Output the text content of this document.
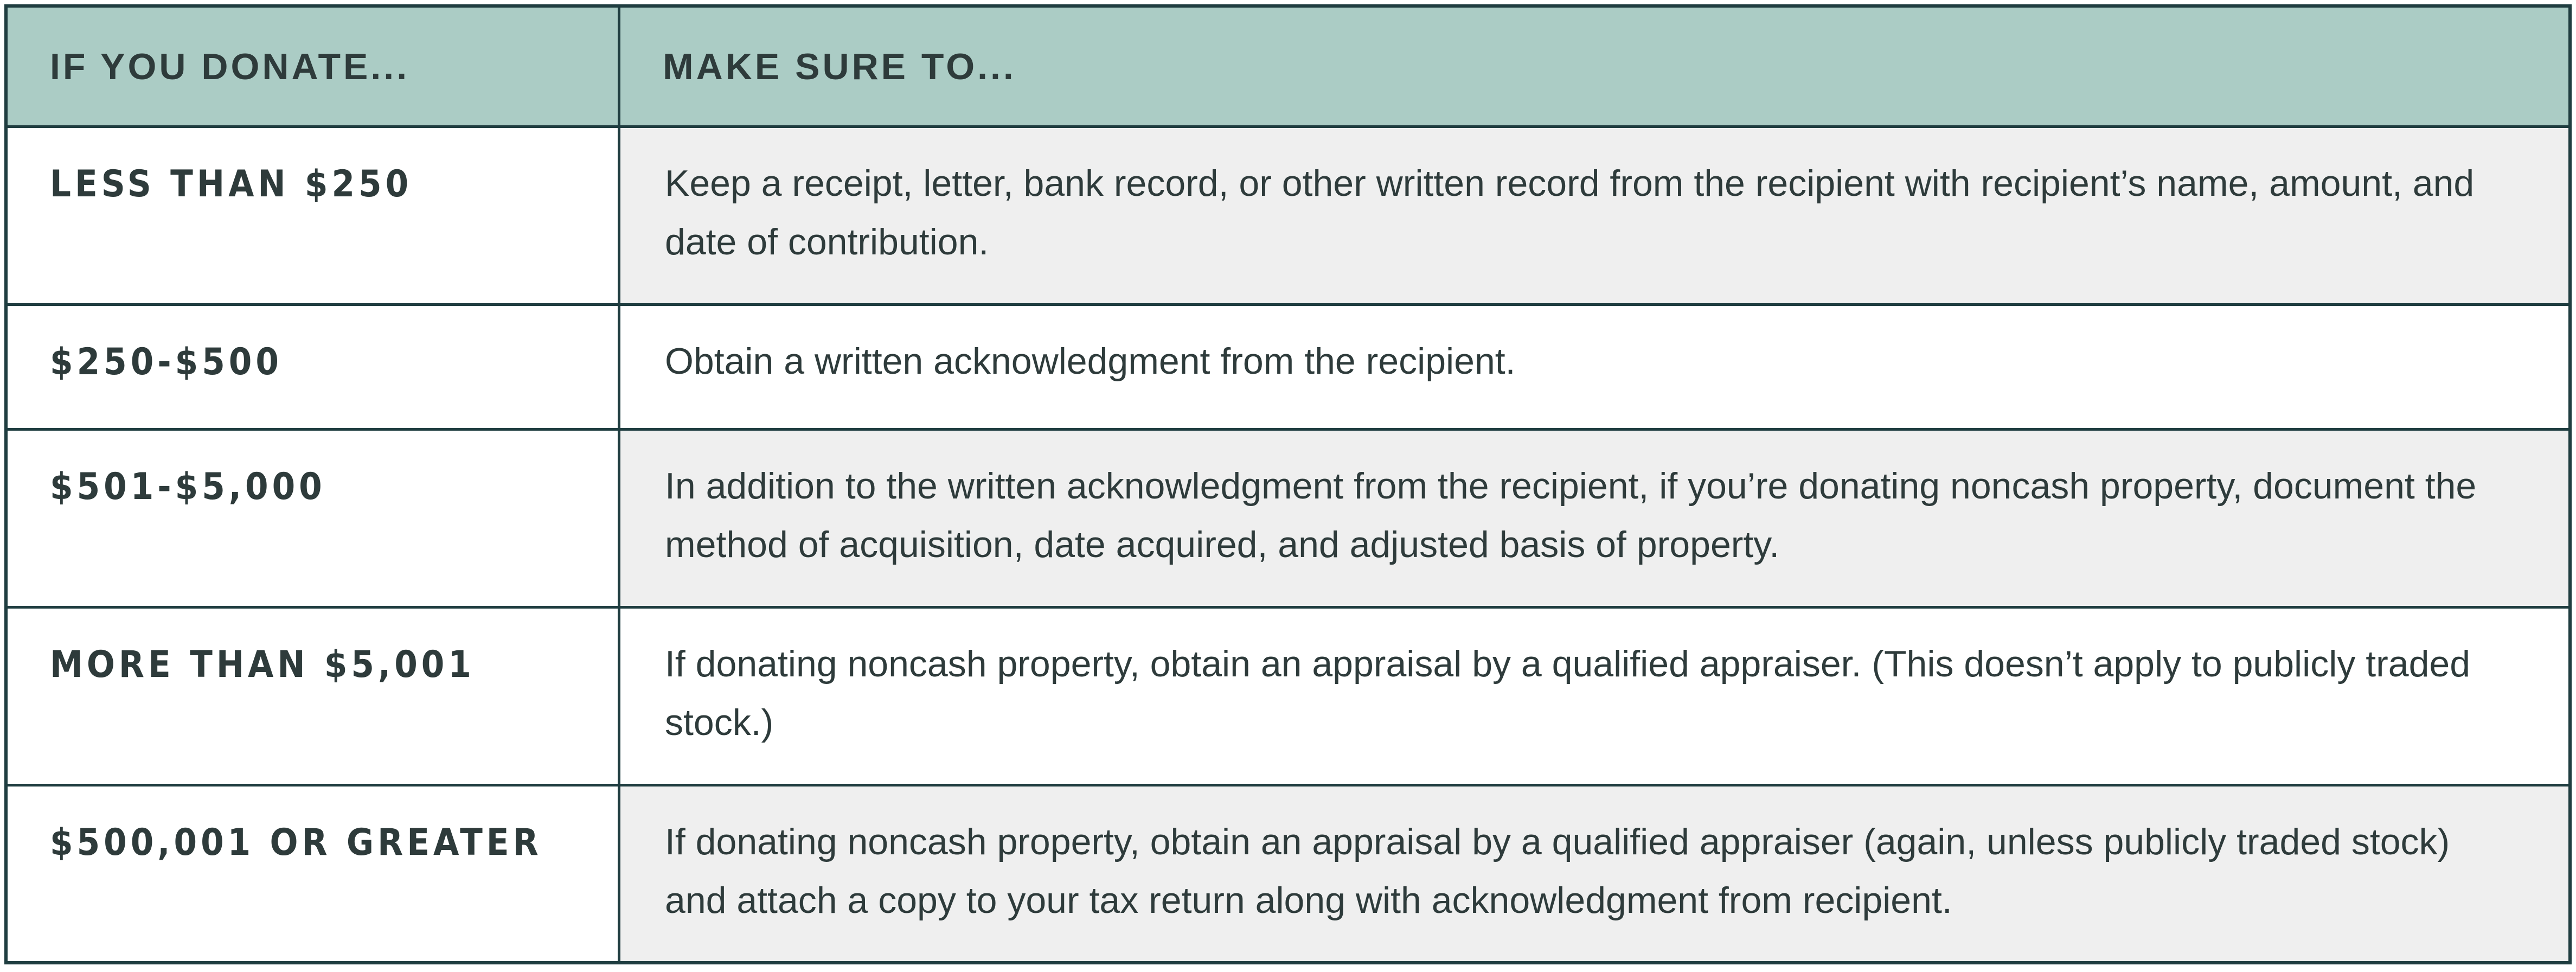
IF YOU DONATE...	MAKE SURE TO...
LESS THAN $250	Keep a receipt, letter, bank record, or other written record from the recipient with recipient’s name, amount, and date of contribution.
$250-$500	Obtain a written acknowledgment from the recipient.
$501-$5,000	In addition to the written acknowledgment from the recipient, if you’re donating noncash property, document the method of acquisition, date acquired, and adjusted basis of property.
MORE THAN $5,001	If donating noncash property, obtain an appraisal by a qualified appraiser. (This doesn’t apply to publicly traded stock.)
$500,001 OR GREATER	If donating noncash property, obtain an appraisal by a qualified appraiser (again, unless publicly traded stock) and attach a copy to your tax return along with acknowledgment from recipient.
